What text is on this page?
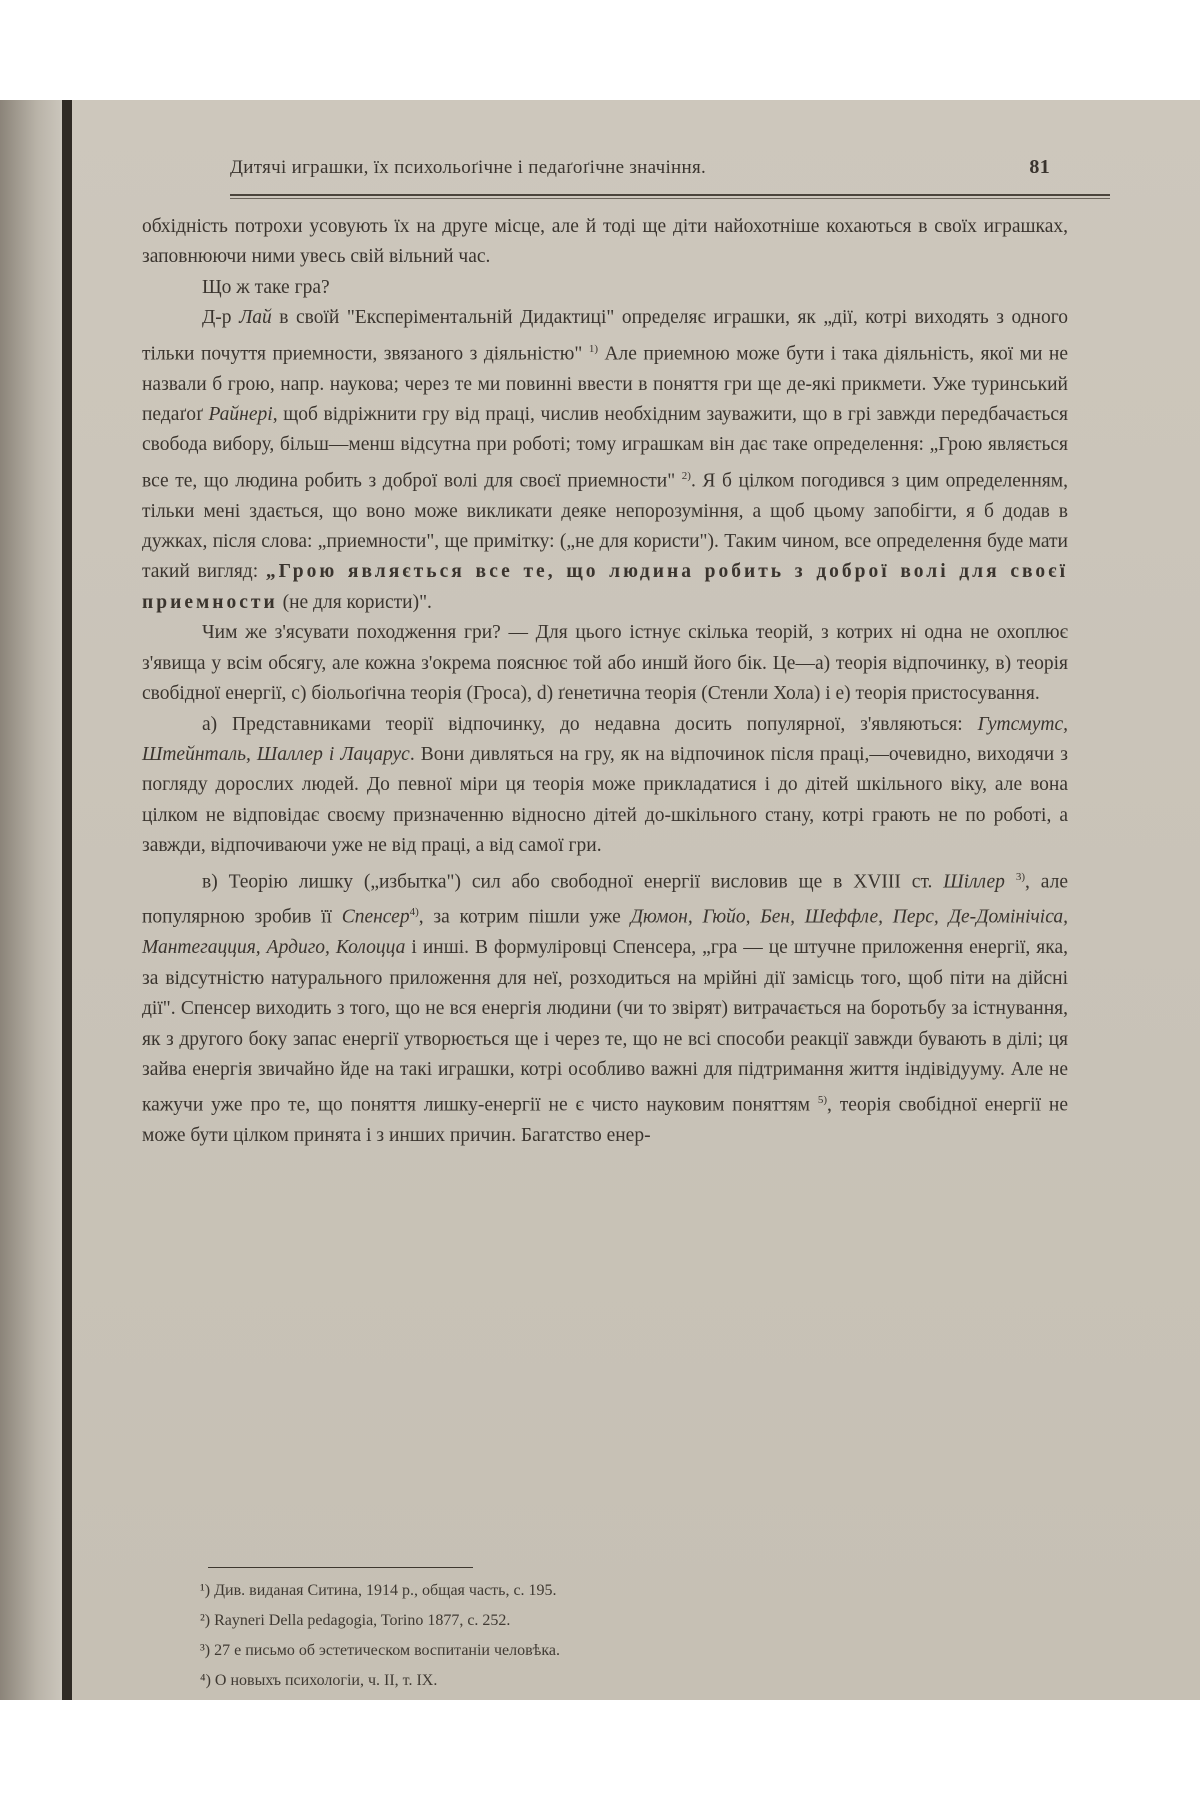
Дитячі играшки, їх психольоґічне і педаґоґічне значіння.	81

обхідність потрохи усовують їх на друге місце, але й тоді ще діти найохотніше кохаються в своїх играшках, заповнюючи ними увесь свій вільний час.

Що ж таке гра?

Д-р Лай в своїй "Експеріментальній Дидактиці" определяє играшки, як „дії, котрі виходять з одного тільки почуття приемности, звязаного з діяльністю" $^{1)}$ Але приемною може бути і така діяльність, якої ми не назвали б грою, напр. наукова; через те ми повинні ввести в поняття гри ще де-які прикмети. Уже туринський педаґоґ Райнері, щоб відріжнити гру від праці, числив необхідним зауважити, що в грі завжди передбачається свобода вибору, більш—менш відсутна при роботі; тому играшкам він дає таке определення: „Грою являється все те, що людина робить з доброї волі для своєї приемности" $^{2)}$. Я б цілком погодився з цим определенням, тільки мені здається, що воно може викликати деяке непорозуміння, а щоб цьому запобігти, я б додав в дужках, після слова: „приемности", ще примітку: („не для користи"). Таким чином, все определення буде мати такий вигляд: „Грою являється все те, що людина робить з доброї волі для своєї приемности (не для користи)".

Чим же з'ясувати походження гри? — Для цього істнує скілька теорій, з котрих ні одна не охоплює з'явища у всім обсягу, але кожна з'окрема пояснює той або иншй його бік. Це—а) теорія відпочинку, в) теорія свобідної енергії, с) біольоґічна теорія (Гроса), d) ґенетична теорія (Стенли Хола) і е) теорія пристосування.

а) Представниками теорії відпочинку, до недавна досить популярної, з'являються: Гутсмутс, Штейнталь, Шаллер і Лацарус. Вони дивляться на гру, як на відпочинок після праці,—очевидно, виходячи з погляду дорослих людей. До певної міри ця теорія може прикладатися і до дітей шкільного віку, але вона цілком не відповідає своєму призначенню відносно дітей до-шкільного стану, котрі грають не по роботі, а завжди, відпочиваючи уже не від праці, а від самої гри.

в) Теорію лишку („избытка") сил або свободної енергії висловив ще в XVIII ст. Шіллер $^{3)}$, але популярною зробив її Спенсер$^{4)}$, за котрим пішли уже Дюмон, Гюйо, Бен, Шеффле, Перс, Де-Домінічіса, Мантегацция, Ардиго, Колоцца і инші. В формуліровці Спенсера, „гра — це штучне приложення енергії, яка, за відсутністю натурального приложення для неї, розходиться на мрійні дії замісць того, щоб піти на дійсні дії". Спенсер виходить з того, що не вся енергія людини (чи то звірят) витрачається на боротьбу за істнування, як з другого боку запас енергії утворюється ще і через те, що не всі способи реакції завжди бувають в ділі; ця зайва енергія звичайно йде на такі играшки, котрі особливо важні для підтримання життя індівідууму. Але не кажучи уже про те, що поняття лишку-енергії не є чисто науковим поняттям $^{5)}$, теорія свобідної енергії не може бути цілком принята і з инших причин. Багатство енер-

¹) Див. виданая Ситина, 1914 р., общая часть, с. 195.
²) Rayneri Della pedagogia, Torino 1877, с. 252.
³) 27 е письмо об эстетическом воспитаніи человѣка.
⁴) О новыхъ психологіи, ч. II, т. IX.
